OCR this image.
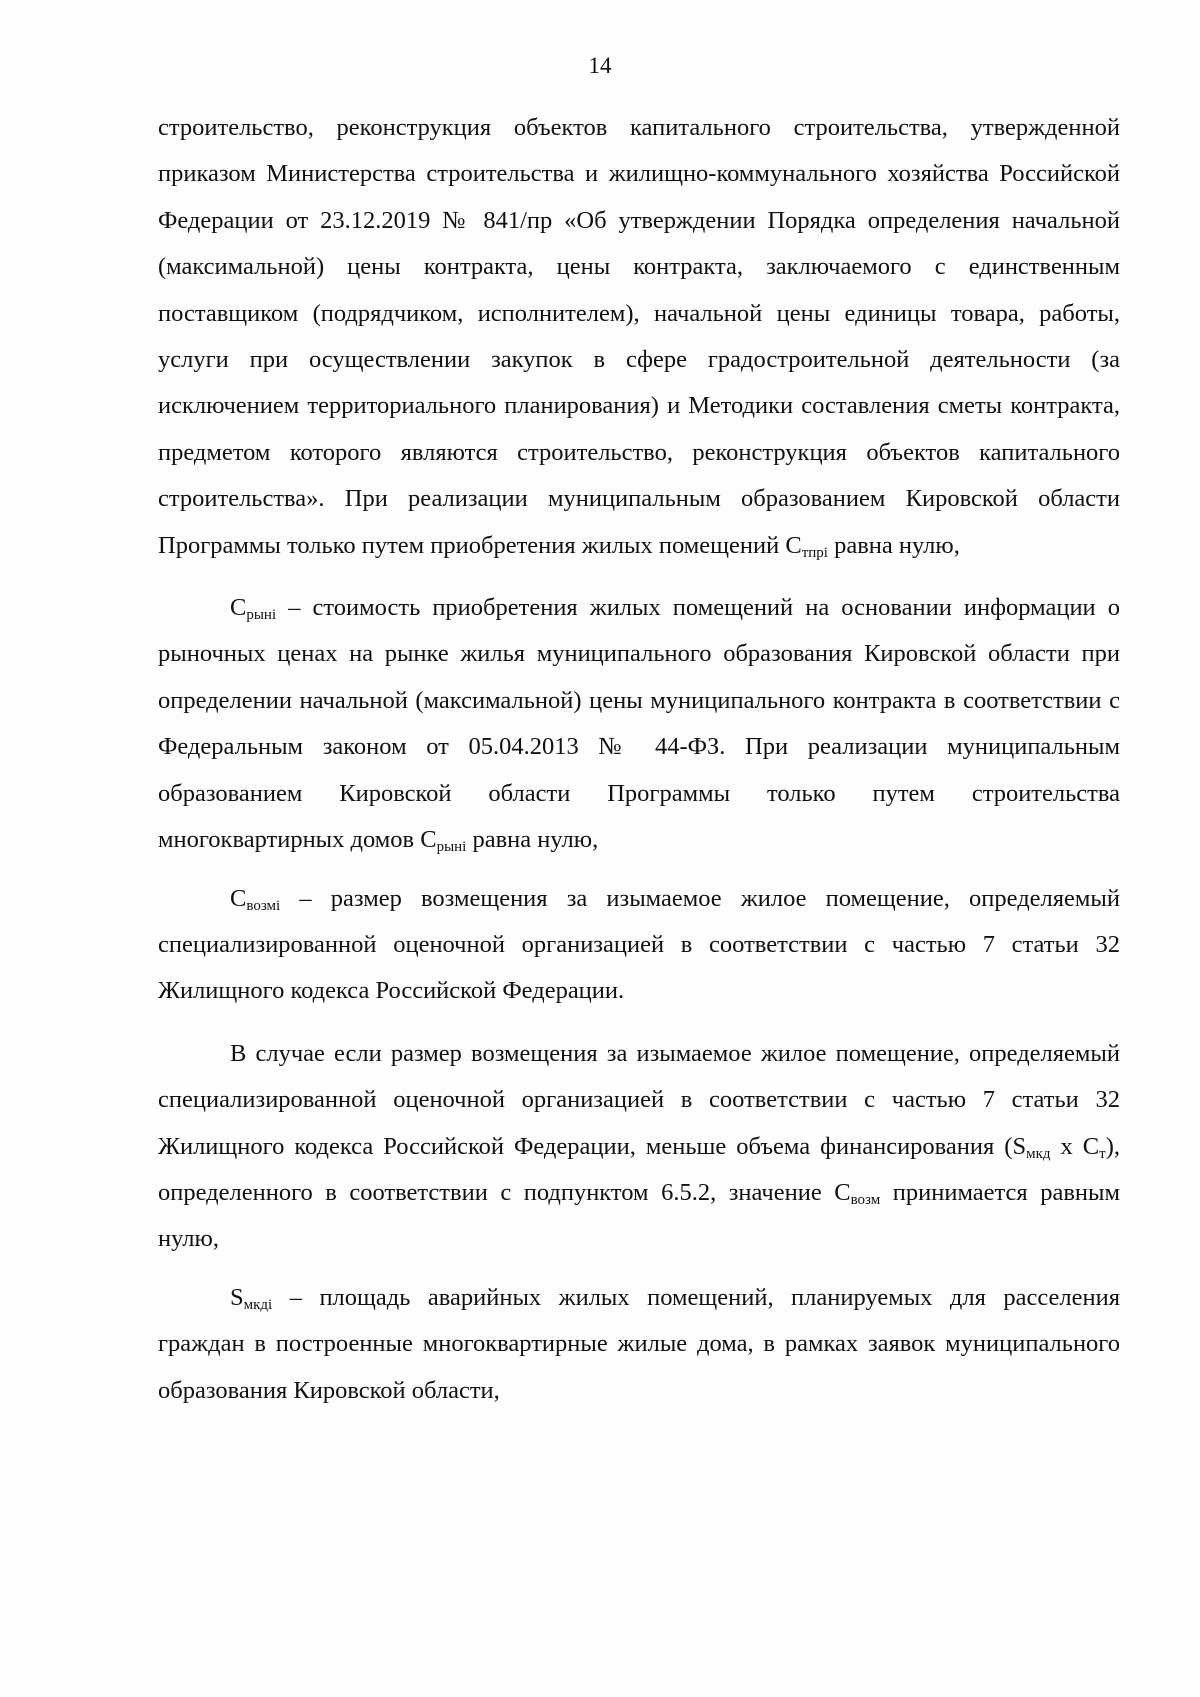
14

строительство, реконструкция объектов капитального строительства, утвержденной приказом Министерства строительства и жилищно-коммунального хозяйства Российской Федерации от 23.12.2019 № 841/пр «Об утверждении Порядка определения начальной (максимальной) цены контракта, цены контракта, заключаемого с единственным поставщиком (подрядчиком, исполнителем), начальной цены единицы товара, работы, услуги при осуществлении закупок в сфере градостроительной деятельности (за исключением территориального планирования) и Методики составления сметы контракта, предметом которого являются строительство, реконструкция объектов капитального строительства». При реализации муниципальным образованием Кировской области Программы только путем приобретения жилых помещений $С_{тпрi}$ равна нулю,

$С_{рынi}$ – стоимость приобретения жилых помещений на основании информации о рыночных ценах на рынке жилья муниципального образования Кировской области при определении начальной (максимальной) цены муниципального контракта в соответствии с Федеральным законом от 05.04.2013 № 44-ФЗ. При реализации муниципальным образованием Кировской области Программы только путем строительства многоквартирных домов $С_{рынi}$ равна нулю,

$С_{возмi}$ – размер возмещения за изымаемое жилое помещение, определяемый специализированной оценочной организацией в соответствии с частью 7 статьи 32 Жилищного кодекса Российской Федерации.

В случае если размер возмещения за изымаемое жилое помещение, определяемый специализированной оценочной организацией в соответствии с частью 7 статьи 32 Жилищного кодекса Российской Федерации, меньше объема финансирования ($S_{мкд}$ x $С_т$), определенного в соответствии с подпунктом 6.5.2, значение $С_{возм}$ принимается равным нулю,

$S_{мкдi}$ – площадь аварийных жилых помещений, планируемых для расселения граждан в построенные многоквартирные жилые дома, в рамках заявок муниципального образования Кировской области,
